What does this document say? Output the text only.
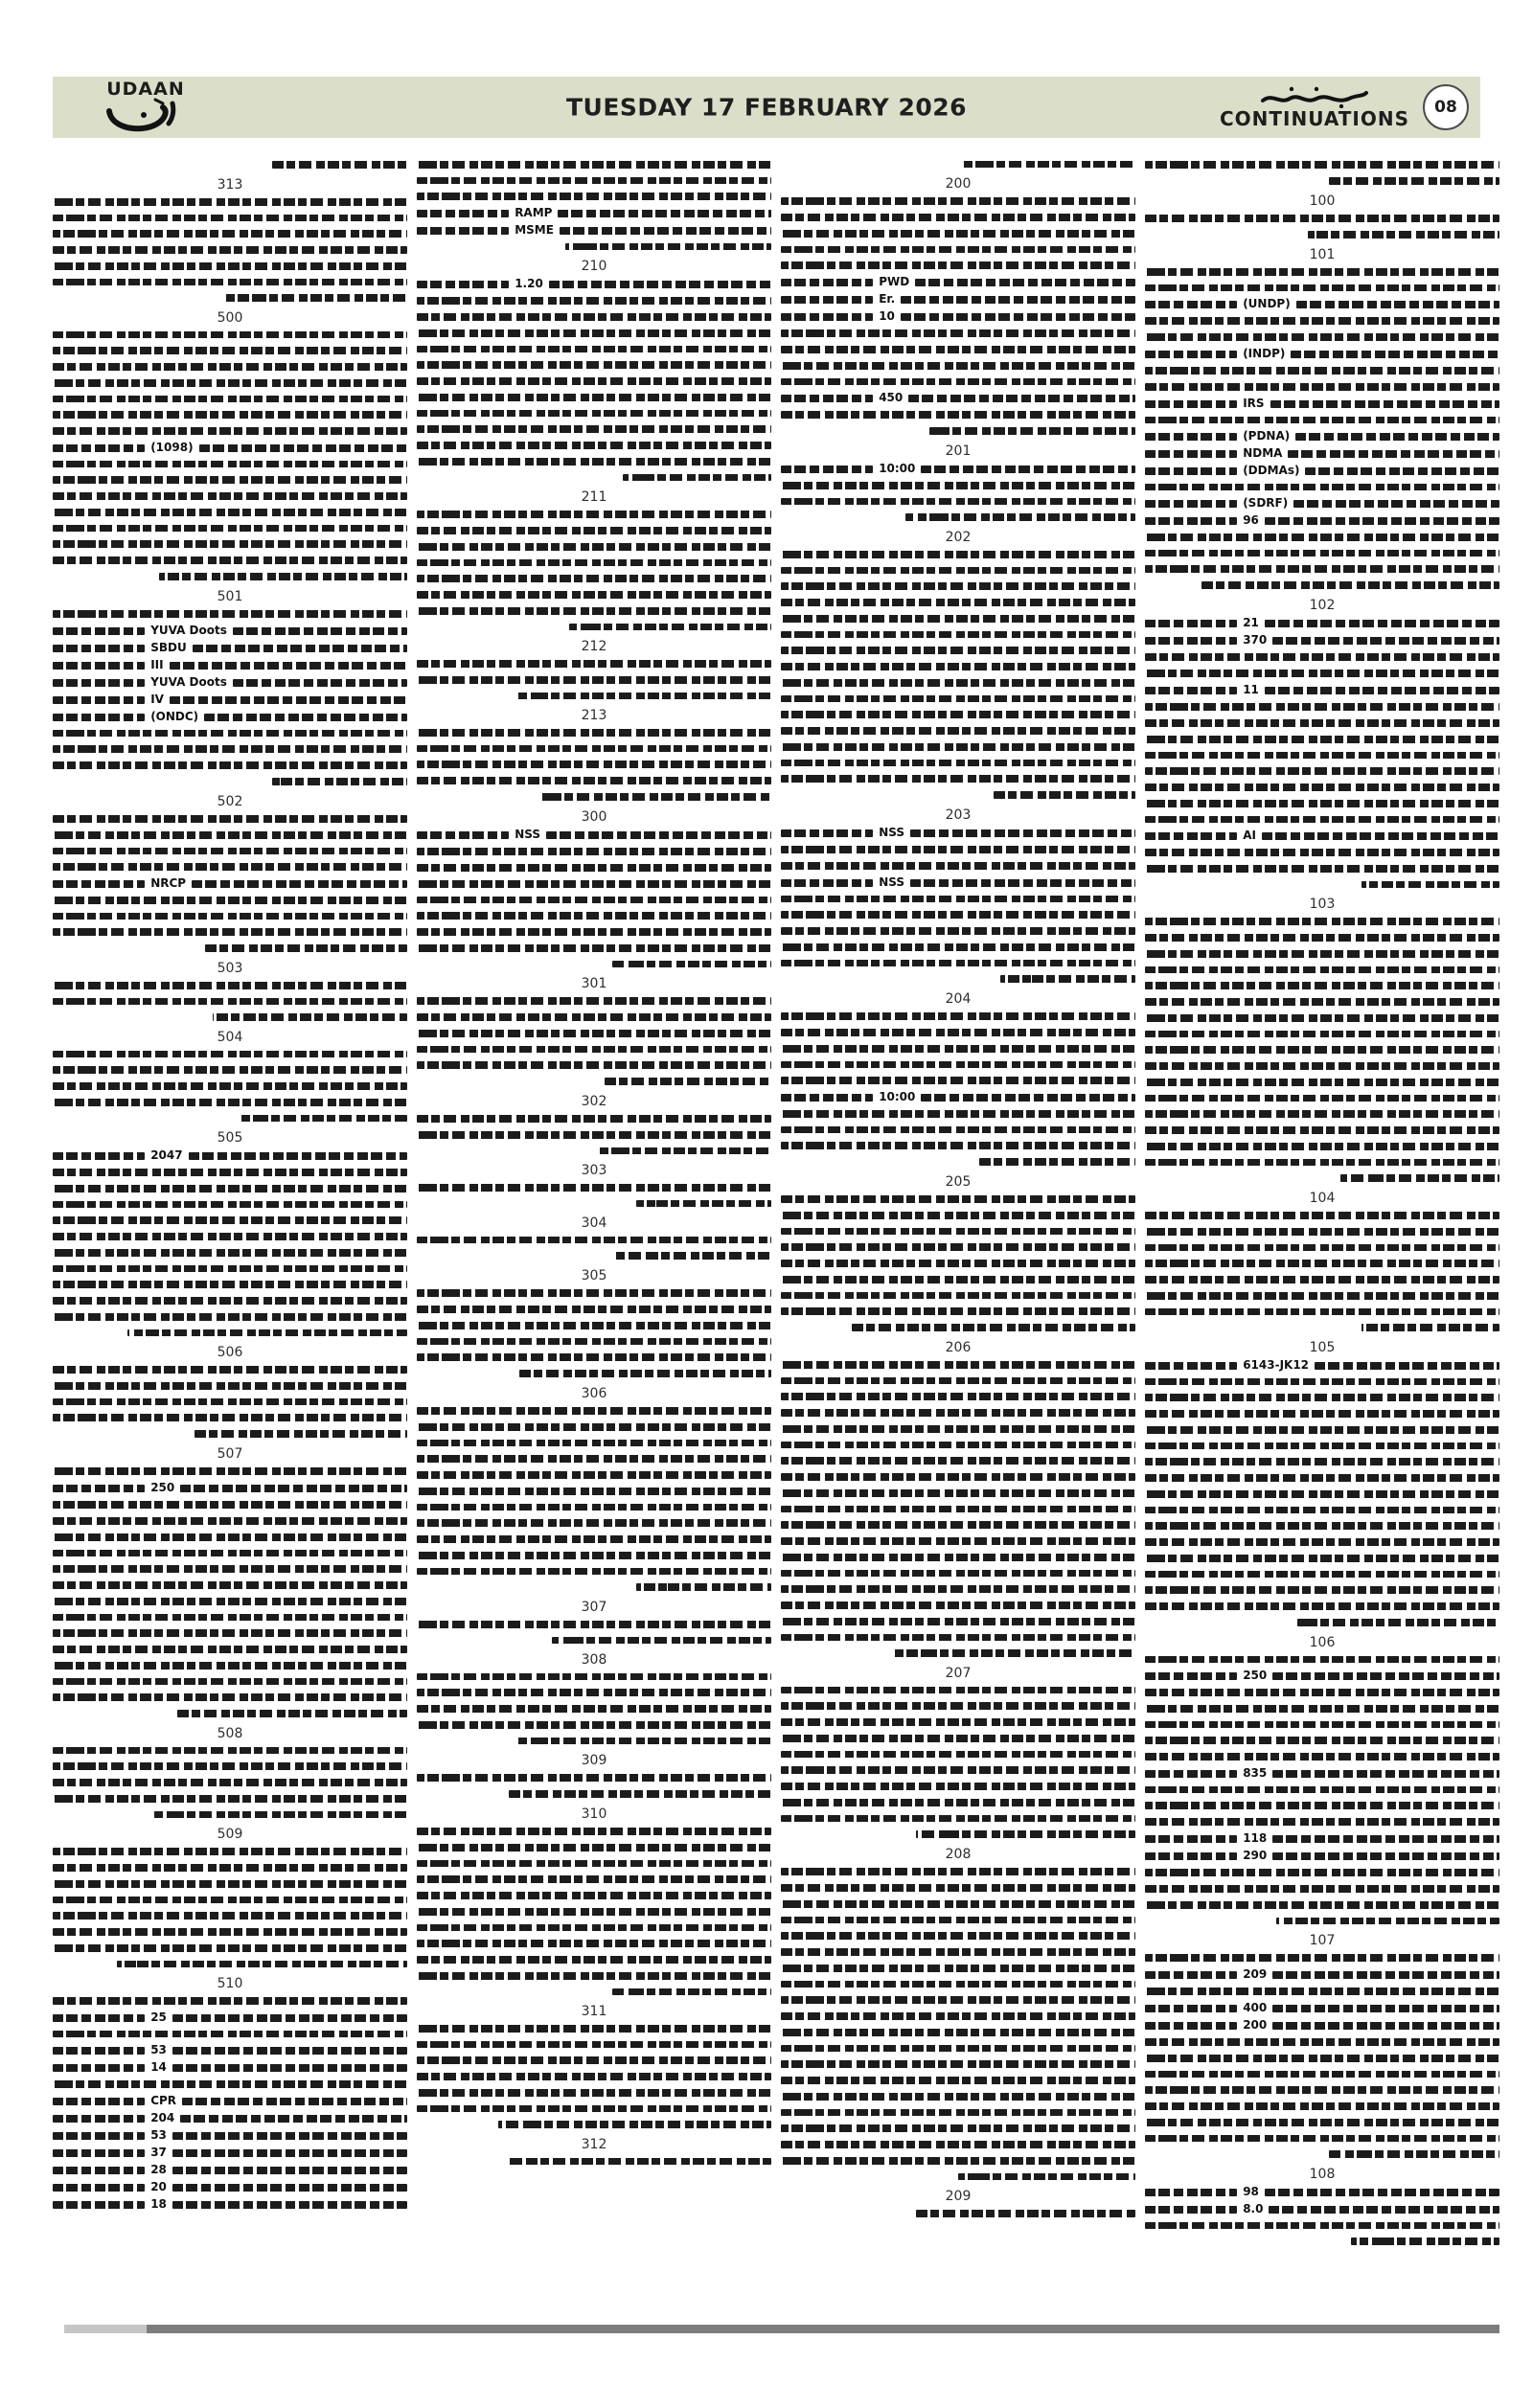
UDAAN
TUESDAY 17 FEBRUARY 2026	CONTINUATIONS	08
313
500
(1098)
501
YUVA Doots
SBDU
III
YUVA Doots
IV
(ONDC)
502
NRCP
503
504
505
2047
506
507
250
508
509
510
25
53
14
CPR
204
53
37
28
20
18
RAMP
MSME
210
1.20
211
212
213
300
NSS
301
302
303
304
305
306
307
308
309
310
311
312
200
PWD
Er.
10
450
201
10:00
202
203
NSS
NSS
204
10:00
205
206
207
208
209
100
101
(UNDP)
(INDP)
IRS
(PDNA)
NDMA
(DDMAs)
(SDRF)
96
102
21
370
11
AI
103
104
105
6143-JK12
106
250
835
118
290
107
209
400
200
108
98
8.0
